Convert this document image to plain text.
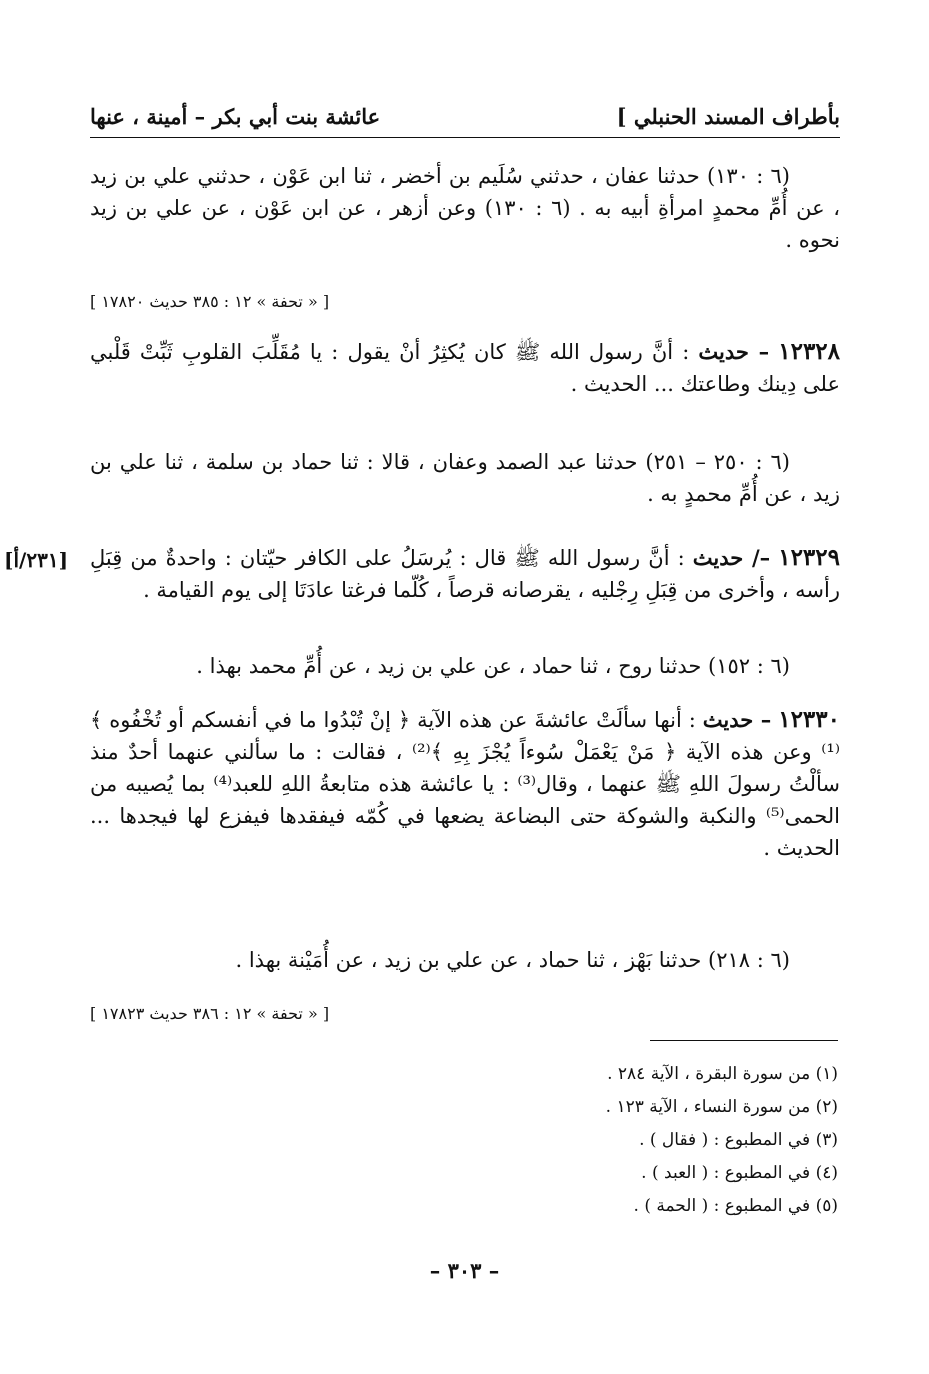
بأطراف المسند الحنبلي ]
عائشة بنت أبي بكر – أمينة ، عنها

(٦ : ١٣٠) حدثنا عفان ، حدثني سُلَيم بن أخضر ، ثنا ابن عَوْن ، حدثني علي بن زيد ، عن أُمِّ محمدٍ امرأةِ أبيه به . (٦ : ١٣٠) وعن أزهر ، عن ابن عَوْن ، عن علي بن زيد نحوه .

[ « تحفة » ١٢ : ٣٨٥ حديث ١٧٨٢٠ ]

١٢٣٢٨ – حديث : أنَّ رسول الله ﷺ كان يُكثِرُ أنْ يقول : يا مُقَلِّبَ القلوبِ ثَبِّتْ قَلْبي على دِينك وطاعتك ... الحديث .

(٦ : ٢٥٠ – ٢٥١) حدثنا عبد الصمد وعفان ، قالا : ثنا حماد بن سلمة ، ثنا علي بن زيد ، عن أُمِّ محمدٍ به .

[٢٣١/أ]	١٢٣٢٩ –/ حديث : أنَّ رسول الله ﷺ قال : يُرسَلُ على الكافر حيّتان : واحدةٌ من قِبَلِ رأسه ، وأخرى من قِبَلِ رِجْليه ، يقرصانه قرصاً ، كُلّما فرغتا عادَتَا إلى يوم القيامة .

(٦ : ١٥٢) حدثنا روح ، ثنا حماد ، عن علي بن زيد ، عن أُمِّ محمد بهذا .

١٢٣٣٠ – حديث : أنها سألَتْ عائشةَ عن هذه الآية ﴿ إنْ تُبْدُوا ما في أنفسكم أو تُخْفُوه ﴾⁽¹⁾ وعن هذه الآية ﴿ مَنْ يَعْمَلْ سُوءاً يُجْزَ بِهِ ﴾⁽²⁾ ، فقالت : ما سألني عنهما أحدٌ منذ سألْتُ رسولَ اللهِ ﷺ عنهما ، وقال⁽³⁾ : يا عائشة هذه متابعةُ اللهِ للعبد⁽⁴⁾ بما يُصيبه من الحمى⁽⁵⁾ والنكبة والشوكة حتى البضاعة يضعها في كُمّه فيفقدها فيفزع لها فيجدها ... الحديث .

(٦ : ٢١٨) حدثنا بَهْز ، ثنا حماد ، عن علي بن زيد ، عن أُمَيْنة بهذا .

[ « تحفة » ١٢ : ٣٨٦ حديث ١٧٨٢٣ ]

(١) من سورة البقرة ، الآية ٢٨٤ .

(٢) من سورة النساء ، الآية ١٢٣ .

(٣) في المطبوع : ( فقال ) .

(٤) في المطبوع : ( العبد ) .

(٥) في المطبوع : ( الحمة ) .

– ٣٠٣ –
